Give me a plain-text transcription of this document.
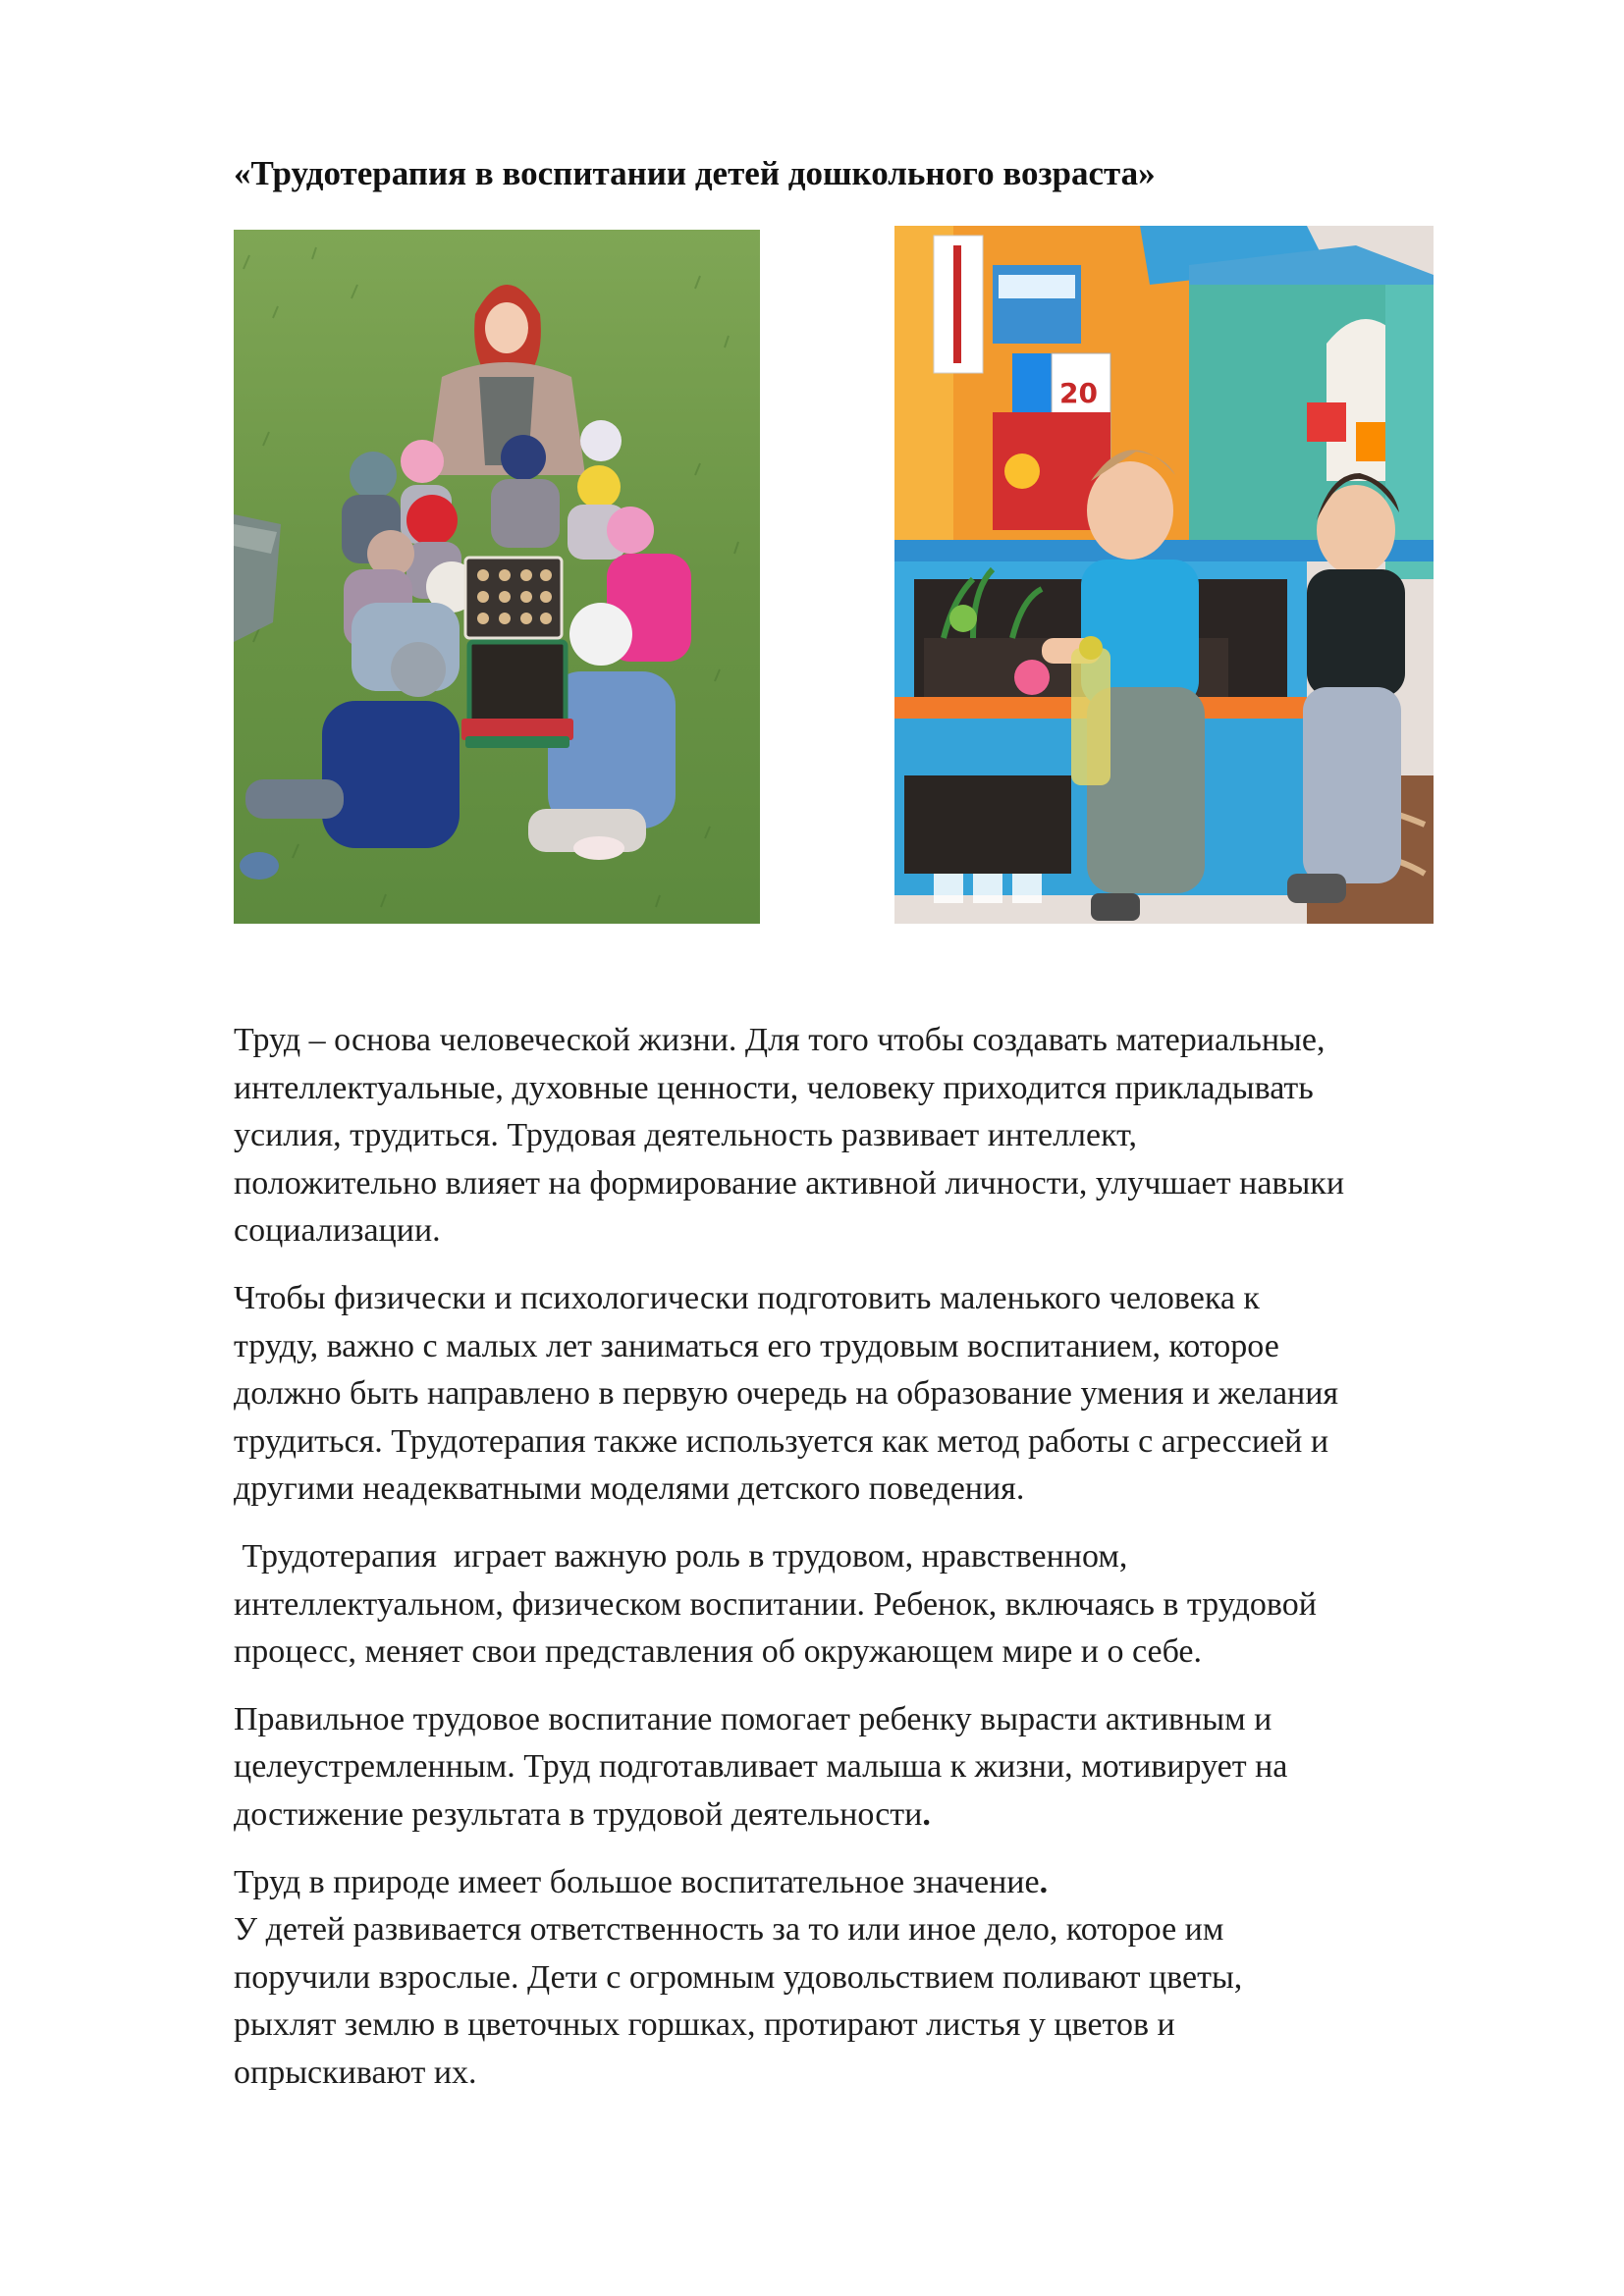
«Трудотерапия в воспитании детей дошкольного возраста»
20

Труд – основа человеческой жизни. Для того чтобы создавать материальные,
интеллектуальные, духовные ценности, человеку приходится прикладывать
усилия, трудиться. Трудовая деятельность развивает интеллект,
положительно влияет на формирование активной личности, улучшает навыки
социализации.

Чтобы физически и психологически подготовить маленького человека к
труду, важно с малых лет заниматься его трудовым воспитанием, которое
должно быть направлено в первую очередь на образование умения и желания
трудиться. Трудотерапия также используется как метод работы с агрессией и
другими неадекватными моделями детского поведения.

Трудотерапия  играет важную роль в трудовом, нравственном,
интеллектуальном, физическом воспитании. Ребенок, включаясь в трудовой
процесс, меняет свои представления об окружающем мире и о себе.

Правильное трудовое воспитание помогает ребенку вырасти активным и
целеустремленным. Труд подготавливает малыша к жизни, мотивирует на
достижение результата в трудовой деятельности.

Труд в природе имеет большое воспитательное значение.
У детей развивается ответственность за то или иное дело, которое им
поручили взрослые. Дети с огромным удовольствием поливают цветы,
рыхлят землю в цветочных горшках, протирают листья у цветов и
опрыскивают их.
